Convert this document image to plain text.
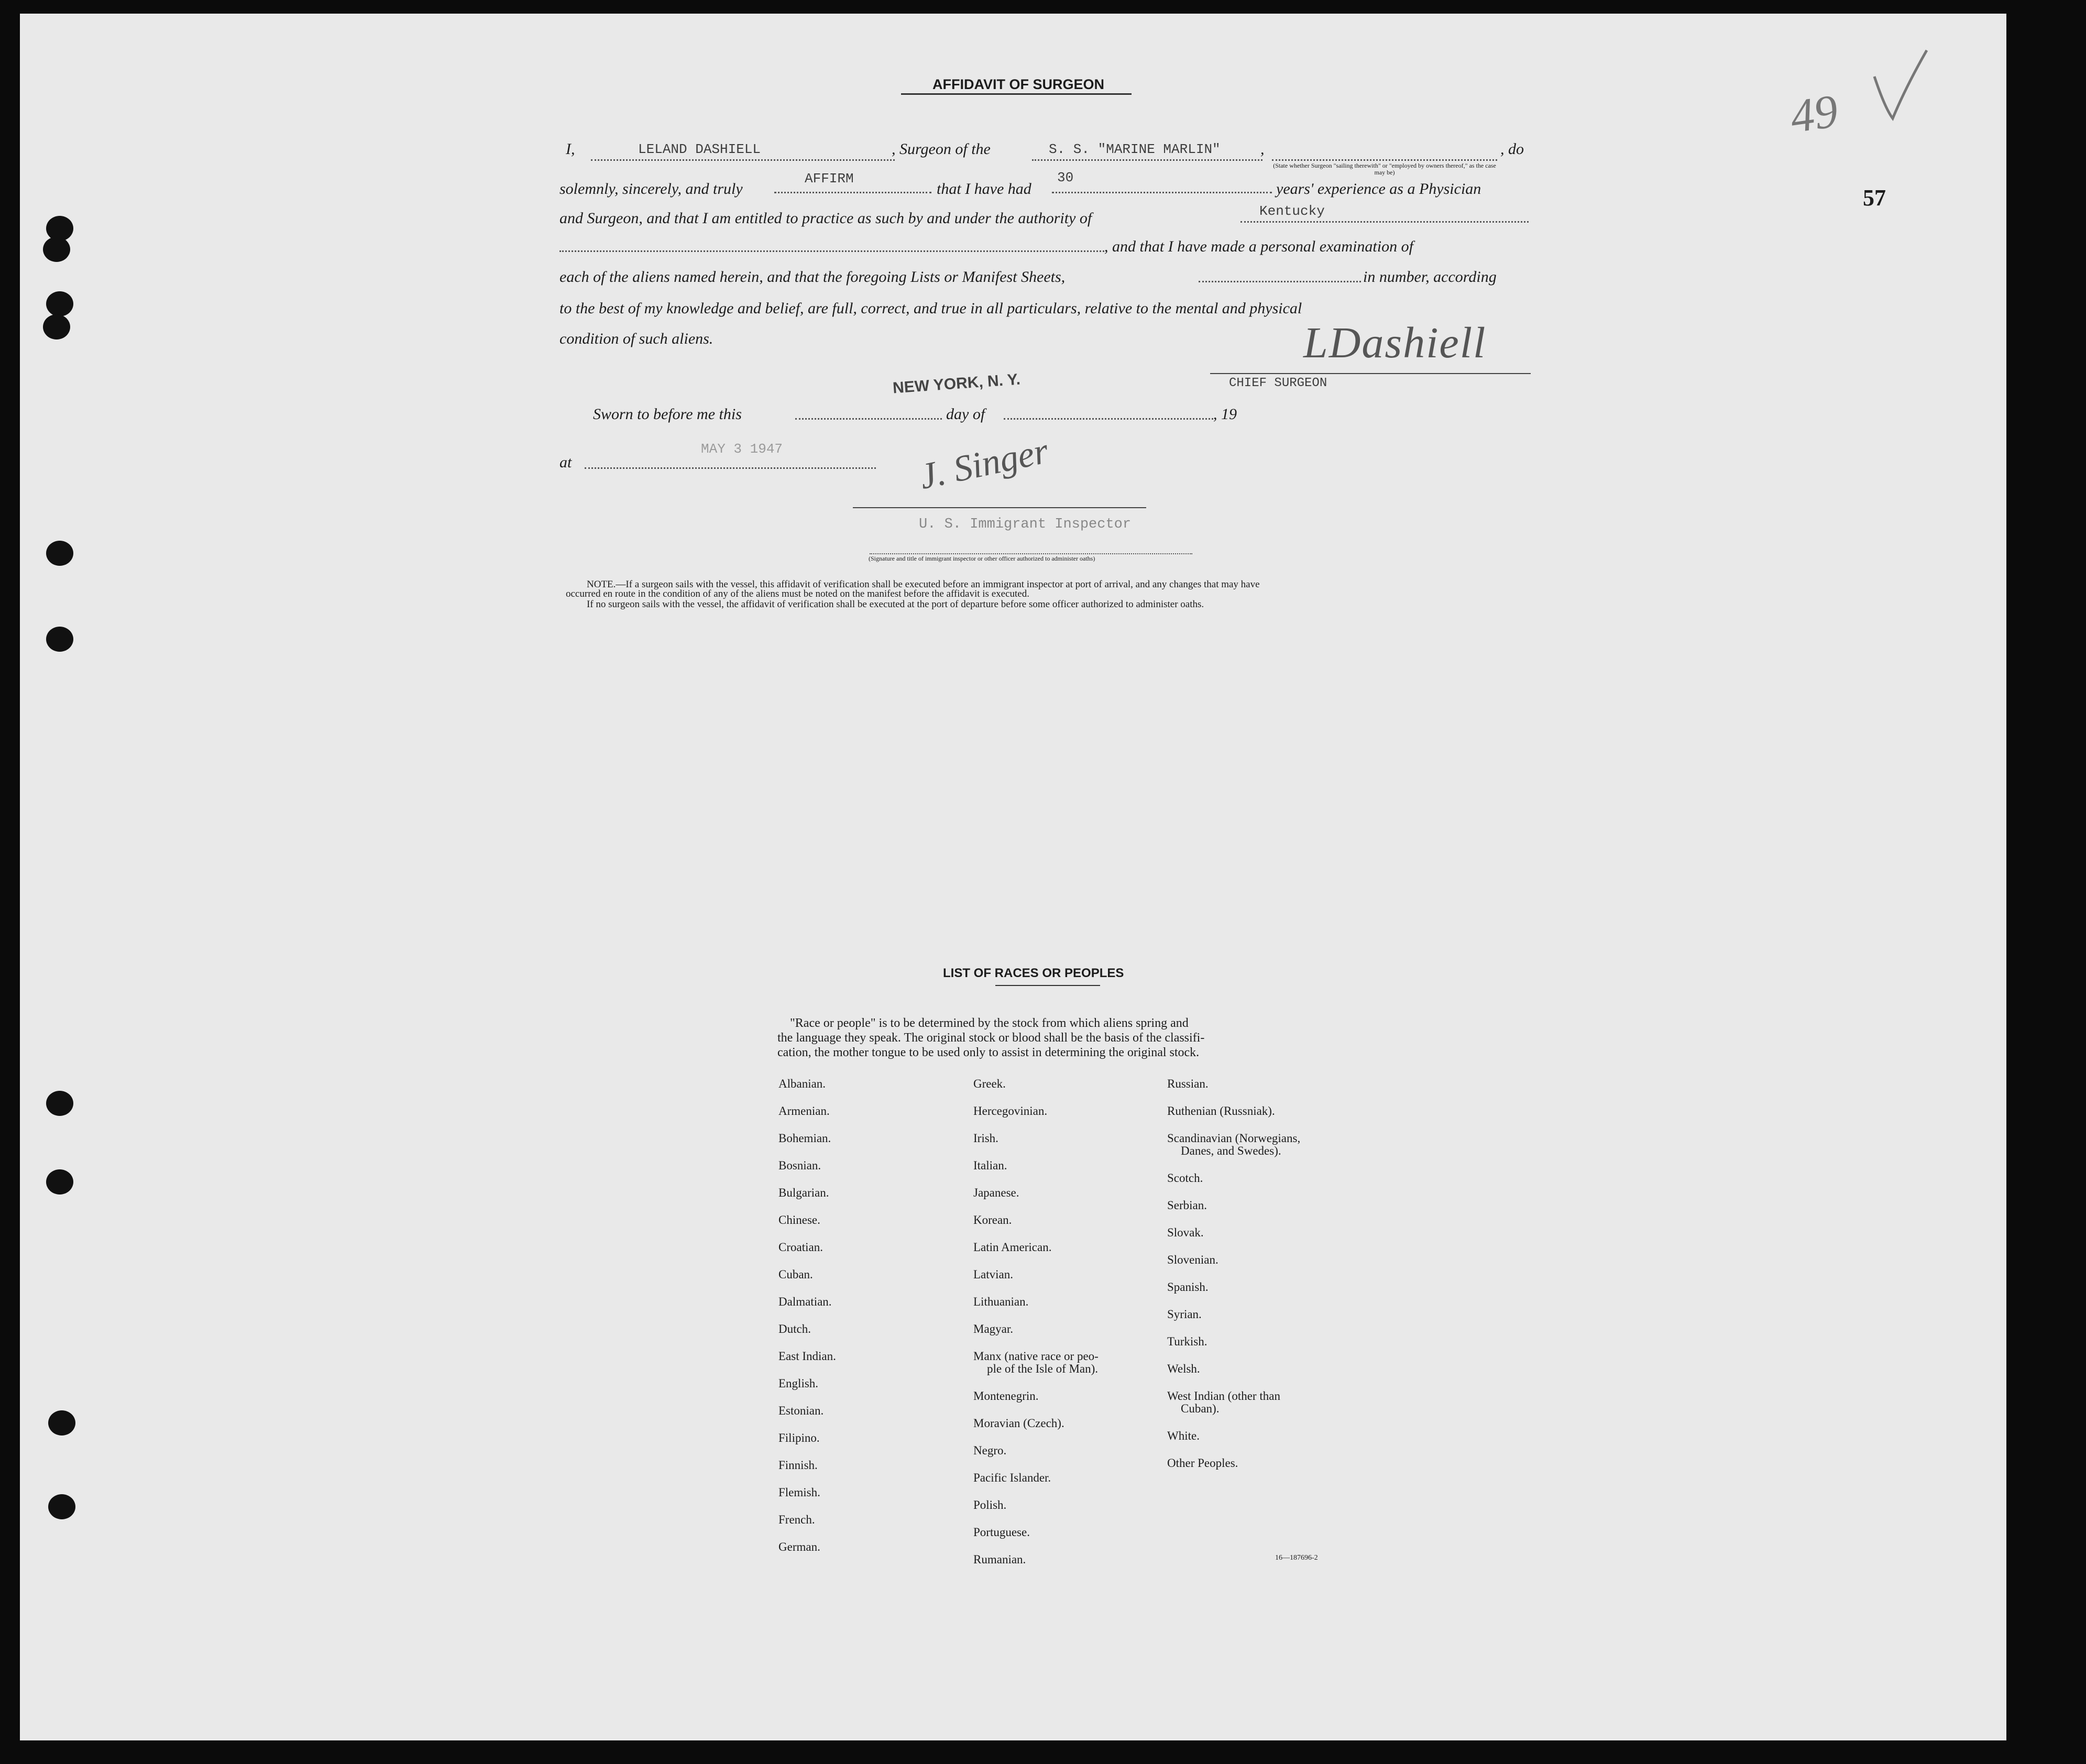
49
57
AFFIDAVIT OF SURGEON
I,	LELAND DASHIELL	, Surgeon of the	S. S. "MARINE MARLIN"	,
(State whether Surgeon "sailing therewith" or "employed by owners thereof," as the case may be)
, do
solemnly, sincerely, and truly
AFFIRM
that I have had
30
years' experience as a Physician
and Surgeon, and that I am entitled to practice as such by and under the authority of	Kentucky
, and that I have made a personal examination of
each of the aliens named herein, and that the foregoing Lists or Manifest Sheets,	in number, according
to the best of my knowledge and belief, are full, correct, and true in all particulars, relative to the mental and physical
condition of such aliens.	LDashiell
CHIEF SURGEON
NEW YORK, N. Y.
Sworn to before me this	day of	, 19
at
MAY 3 1947	J. Singer
U. S. Immigrant Inspector
(Signature and title of immigrant inspector or other officer authorized to administer oaths)
NOTE.—If a surgeon sails with the vessel, this affidavit of verification shall be executed before an immigrant inspector at port of arrival, and any changes that may have
occurred en route in the condition of any of the aliens must be noted on the manifest before the affidavit is executed.
If no surgeon sails with the vessel, the affidavit of verification shall be executed at the port of departure before some officer authorized to administer oaths.
LIST OF RACES OR PEOPLES
"Race or people" is to be determined by the stock from which aliens spring and
the language they speak. The original stock or blood shall be the basis of the classifi-
cation, the mother tongue to be used only to assist in determining the original stock.
Albanian.
Armenian.
Bohemian.
Bosnian.
Bulgarian.
Chinese.
Croatian.
Cuban.
Dalmatian.
Dutch.
East Indian.
English.
Estonian.
Filipino.
Finnish.
Flemish.
French.
German.
Greek.
Hercegovinian.
Irish.
Italian.
Japanese.
Korean.
Latin American.
Latvian.
Lithuanian.
Magyar.
Manx (native race or peo-
ple of the Isle of Man).
Montenegrin.
Moravian (Czech).
Negro.
Pacific Islander.
Polish.
Portuguese.
Rumanian.
Russian.
Ruthenian (Russniak).
Scandinavian (Norwegians,
Danes, and Swedes).
Scotch.
Serbian.
Slovak.
Slovenian.
Spanish.
Syrian.
Turkish.
Welsh.
West Indian (other than
Cuban).
White.
Other Peoples.
16—187696-2
